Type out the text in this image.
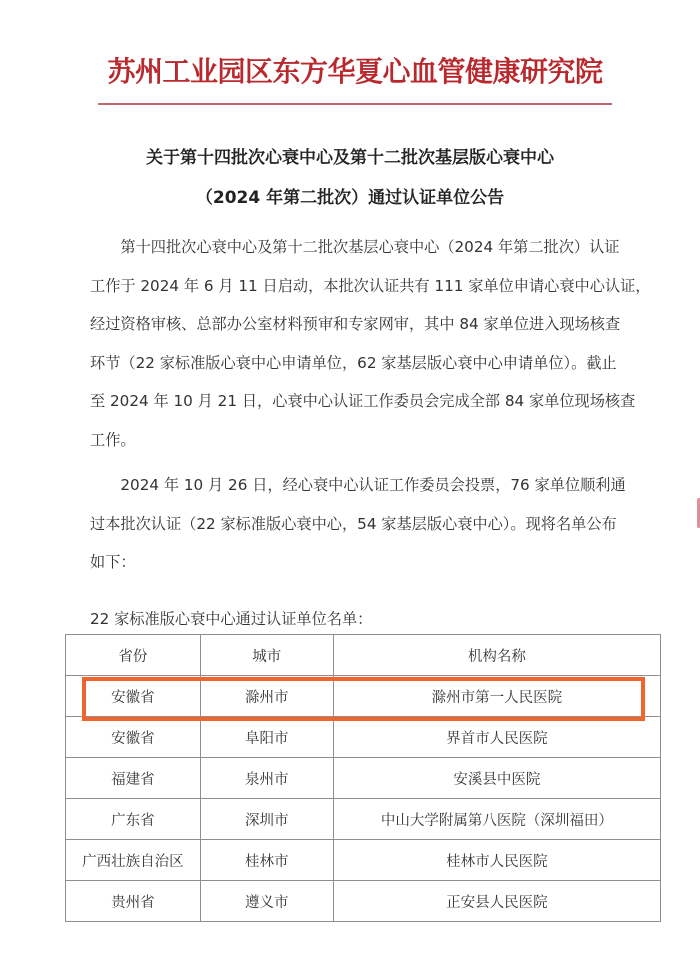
苏州工业园区东方华夏心血管健康研究院
关于第十四批次心衰中心及第十二批次基层版心衰中心
（2024 年第二批次）通过认证单位公告

　　第十四批次心衰中心及第十二批次基层心衰中心（2024 年第二批次）认证

工作于 2024 年 6 月 11 日启动，本批次认证共有 111 家单位申请心衰中心认证，

经过资格审核、总部办公室材料预审和专家网审，其中 84 家单位进入现场核查

环节（22 家标准版心衰中心申请单位，62 家基层版心衰中心申请单位）。截止

至 2024 年 10 月 21 日，心衰中心认证工作委员会完成全部 84 家单位现场核查

工作。

　　2024 年 10 月 26 日，经心衰中心认证工作委员会投票，76 家单位顺利通

过本批次认证（22 家标准版心衰中心，54 家基层版心衰中心）。现将名单公布

如下：

22 家标准版心衰中心通过认证单位名单：
省份	城市	机构名称
安徽省	滁州市	滁州市第一人民医院
安徽省	阜阳市	界首市人民医院
福建省	泉州市	安溪县中医院
广东省	深圳市	中山大学附属第八医院（深圳福田）
广西壮族自治区	桂林市	桂林市人民医院
贵州省	遵义市	正安县人民医院
